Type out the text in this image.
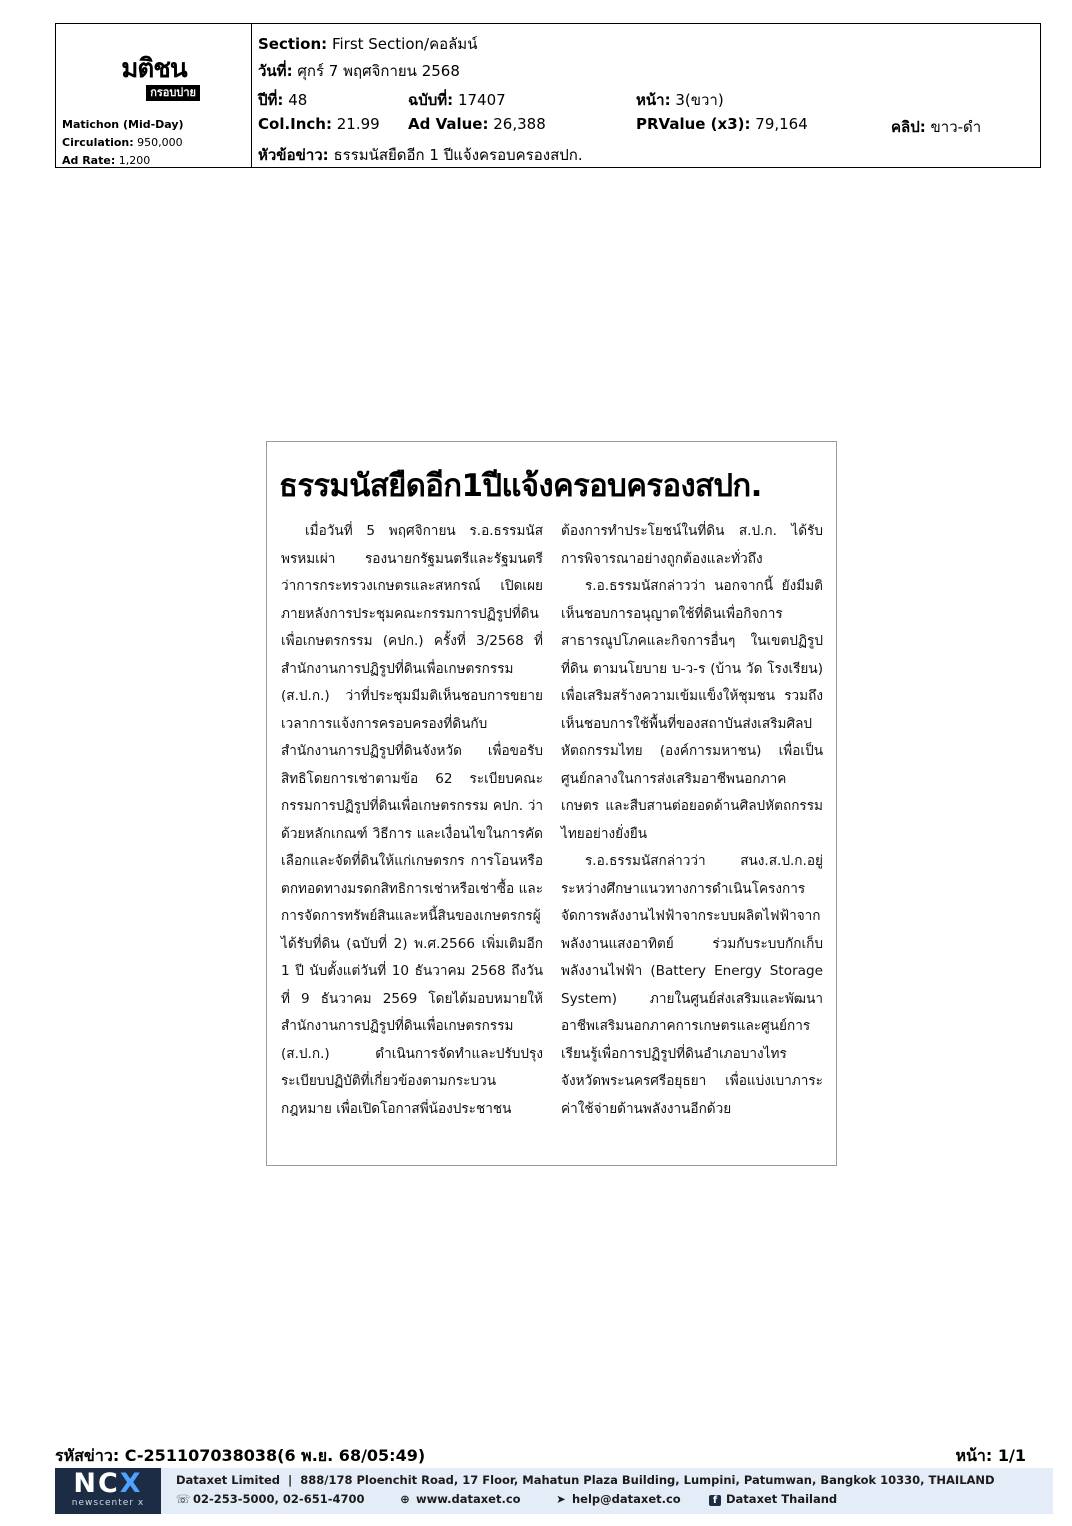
มติชน
กรอบบ่าย
Matichon (Mid-Day)
Circulation: 950,000
Ad Rate: 1,200
Section: First Section/คอลัมน์
วันที่: ศุกร์ 7 พฤศจิกายน 2568
ปีที่: 48	ฉบับที่: 17407	หน้า: 3(ขวา)
Col.Inch: 21.99 Ad Value: 26,388	PRValue (x3): 79,164	คลิป: ขาว-ดำ
หัวข้อข่าว: ธรรมนัสยืดอีก 1 ปีแจ้งครอบครองสปก.
ธรรมนัสยืดอีก1ปีแจ้งครอบครองสปก.

เมื่อวันที่ 5 พฤศจิกายน ร.อ.ธรรมนัส พรหมเผ่า รองนายกรัฐมนตรีและรัฐมนตรีว่าการกระทรวงเกษตรและสหกรณ์ เปิดเผยภายหลังการประชุมคณะกรรมการปฏิรูปที่ดินเพื่อเกษตรกรรม (คปก.) ครั้งที่ 3/2568 ที่สำนักงานการปฏิรูปที่ดินเพื่อเกษตรกรรม (ส.ป.ก.) ว่าที่ประชุมมีมติเห็นชอบการขยายเวลาการแจ้งการครอบครองที่ดินกับสำนักงานการปฏิรูปที่ดินจังหวัด เพื่อขอรับสิทธิโดยการเช่าตามข้อ 62 ระเบียบคณะกรรมการปฏิรูปที่ดินเพื่อเกษตรกรรม คปก. ว่าด้วยหลักเกณฑ์ วิธีการ และเงื่อนไขในการคัดเลือกและจัดที่ดินให้แก่เกษตรกร การโอนหรือตกทอดทางมรดกสิทธิการเช่าหรือเช่าซื้อ และการจัดการทรัพย์สินและหนี้สินของเกษตรกรผู้ได้รับที่ดิน (ฉบับที่ 2) พ.ศ.2566 เพิ่มเติมอีก 1 ปี นับตั้งแต่วันที่ 10 ธันวาคม 2568 ถึงวันที่ 9 ธันวาคม 2569 โดยได้มอบหมายให้สำนักงานการปฏิรูปที่ดินเพื่อเกษตรกรรม (ส.ป.ก.) ดำเนินการจัดทำและปรับปรุงระเบียบปฏิบัติที่เกี่ยวข้องตามกระบวนกฎหมาย เพื่อเปิดโอกาสพี่น้องประชาชน

ต้องการทำประโยชน์ในที่ดิน ส.ป.ก. ได้รับการพิจารณาอย่างถูกต้องและทั่วถึง

ร.อ.ธรรมนัสกล่าวว่า นอกจากนี้ ยังมีมติเห็นชอบการอนุญาตใช้ที่ดินเพื่อกิจการสาธารณูปโภคและกิจการอื่นๆ ในเขตปฏิรูปที่ดิน ตามนโยบาย บ-ว-ร (บ้าน วัด โรงเรียน) เพื่อเสริมสร้างความเข้มแข็งให้ชุมชน รวมถึงเห็นชอบการใช้พื้นที่ของสถาบันส่งเสริมศิลปหัตถกรรมไทย (องค์การมหาชน) เพื่อเป็นศูนย์กลางในการส่งเสริมอาชีพนอกภาคเกษตร และสืบสานต่อยอดด้านศิลปหัตถกรรมไทยอย่างยั่งยืน

ร.อ.ธรรมนัสกล่าวว่า สนง.ส.ป.ก.อยู่ระหว่างศึกษาแนวทางการดำเนินโครงการจัดการพลังงานไฟฟ้าจากระบบผลิตไฟฟ้าจากพลังงานแสงอาทิตย์ ร่วมกับระบบกักเก็บพลังงานไฟฟ้า (Battery Energy Storage System) ภายในศูนย์ส่งเสริมและพัฒนาอาชีพเสริมนอกภาคการเกษตรและศูนย์การเรียนรู้เพื่อการปฏิรูปที่ดินอำเภอบางไทร จังหวัดพระนครศรีอยุธยา เพื่อแบ่งเบาภาระค่าใช้จ่ายด้านพลังงานอีกด้วย

รหัสข่าว: C-251107038038(6 พ.ย. 68/05:49)	หน้า: 1/1
NCX
newscenter x
Dataxet Limited | 888/178 Ploenchit Road, 17 Floor, Mahatun Plaza Building, Lumpini, Patumwan, Bangkok 10330, THAILAND
☏ 02-253-5000, 02-651-4700	⊕ www.dataxet.co	➤ help@dataxet.co	f Dataxet Thailand
